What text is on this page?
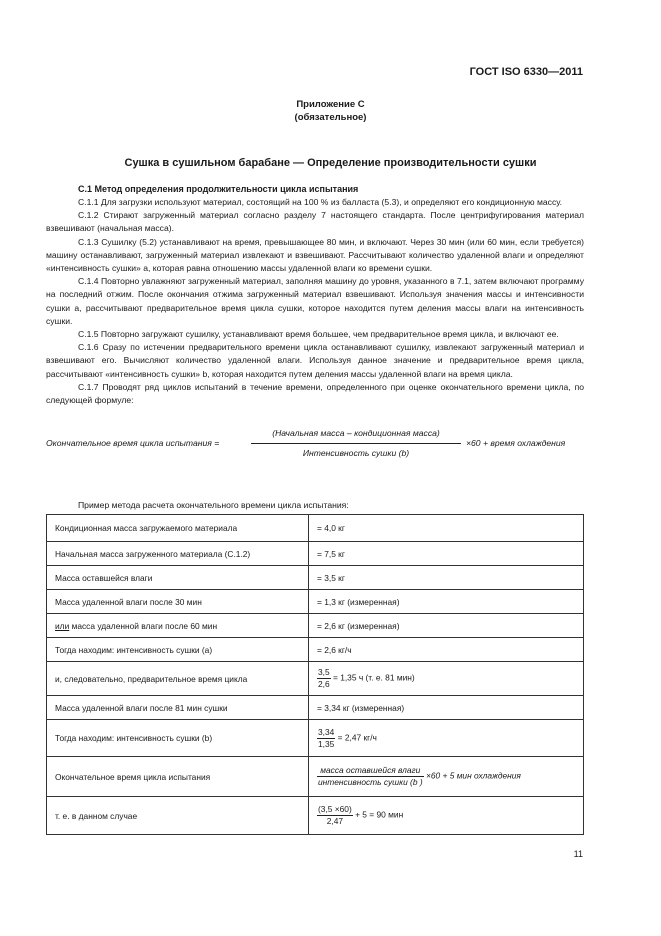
ГОСТ ISO 6330—2011
Приложение С
(обязательное)
Сушка в сушильном барабане — Определение производительности сушки
С.1 Метод определения продолжительности цикла испытания

С.1.1 Для загрузки используют материал, состоящий на 100 % из балласта (5.3), и определяют его кондиционную массу.

С.1.2 Стирают загруженный материал согласно разделу 7 настоящего стандарта. После центрифугирования материал взвешивают (начальная масса).

С.1.3 Сушилку (5.2) устанавливают на время, превышающее 80 мин, и включают. Через 30 мин (или 60 мин, если требуется) машину останавливают, загруженный материал извлекают и взвешивают. Рассчитывают количество удаленной влаги и определяют «интенсивность сушки» а, которая равна отношению массы удаленной влаги ко времени сушки.

С.1.4 Повторно увлажняют загруженный материал, заполняя машину до уровня, указанного в 7.1, затем включают программу на последний отжим. После окончания отжима загруженный материал взвешивают. Используя значения массы и интенсивности сушки а, рассчитывают предварительное время цикла сушки, которое находится путем деления массы влаги на интенсивность сушки.

С.1.5 Повторно загружают сушилку, устанавливают время большее, чем предварительное время цикла, и включают ее.

С.1.6 Сразу по истечении предварительного времени цикла останавливают сушилку, извлекают загруженный материал и взвешивают его. Вычисляют количество удаленной влаги. Используя данное значение и предварительное время цикла, рассчитывают «интенсивность сушки» b, которая находится путем деления массы удаленной влаги на время цикла.

С.1.7 Проводят ряд циклов испытаний в течение времени, определенного при оценке окончательного времени цикла, по следующей формуле:

Окончательное время цикла испытания =
(Начальная масса – кондиционная масса)
Интенсивность сушки (b)
×60 + время охлаждения
Пример метода расчета окончательного времени цикла испытания:
Кондиционная масса загружаемого материала	= 4,0 кг
Начальная масса загруженного материала (С.1.2)	= 7,5 кг
Масса оставшейся влаги	= 3,5 кг
Масса удаленной влаги после 30 мин	= 1,3 кг (измеренная)
или масса удаленной влаги после 60 мин	= 2,6 кг (измеренная)
Тогда находим: интенсивность сушки (а)	= 2,6 кг/ч
и, следовательно, предварительное время цикла	$\frac{3,5}{2,6} = 1,35$ ч (т. е. 81 мин)
Масса удаленной влаги после 81 мин сушки	= 3,34 кг (измеренная)
Тогда находим: интенсивность сушки (b)	$\frac{3,34}{1,35} = 2,47$ кг/ч
Окончательное время цикла испытания	$\frac{\text{масса оставшейся влаги}}{\text{интенсивность сушки (b )}} \times 60 + 5$ мин охлаждения
т. е. в данном случае	$\frac{(3,5 \times 60)}{2,47} + 5 = 90$ мин
11
